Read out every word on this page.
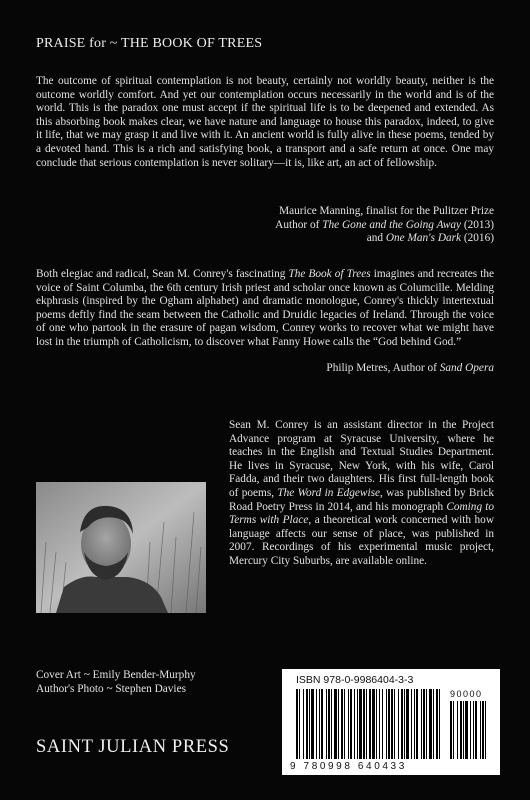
PRAISE for ~ THE BOOK OF TREES

The outcome of spiritual contemplation is not beauty, certainly not worldly beauty, neither is the outcome worldly comfort. And yet our contemplation occurs necessarily in the world and is of the world. This is the paradox one must accept if the spiritual life is to be deepened and extended. As this absorbing book makes clear, we have nature and language to house this paradox, indeed, to give it life, that we may grasp it and live with it. An ancient world is fully alive in these poems, tended by a devoted hand. This is a rich and satisfying book, a transport and a safe return at once. One may conclude that serious contemplation is never solitary—it is, like art, an act of fellowship.

Maurice Manning, finalist for the Pulitzer Prize
Author of The Gone and the Going Away (2013)
and One Man's Dark (2016)

Both elegiac and radical, Sean M. Conrey's fascinating The Book of Trees imagines and recreates the voice of Saint Columba, the 6th century Irish priest and scholar once known as Columcille. Melding ekphrasis (inspired by the Ogham alphabet) and dramatic monologue, Conrey's thickly intertextual poems deftly find the seam between the Catholic and Druidic legacies of Ireland. Through the voice of one who partook in the erasure of pagan wisdom, Conrey works to recover what we might have lost in the triumph of Catholicism, to discover what Fanny Howe calls the “God behind God.”

Philip Metres, Author of Sand Opera

Sean M. Conrey is an assistant director in the Project Advance program at Syracuse University, where he teaches in the English and Textual Studies Department. He lives in Syracuse, New York, with his wife, Carol Fadda, and their two daughters. His first full-length book of poems, The Word in Edgewise, was published by Brick Road Poetry Press in 2014, and his monograph Coming to Terms with Place, a theoretical work concerned with how language affects our sense of place, was published in 2007. Recordings of his experimental music project, Mercury City Suburbs, are available online.

Cover Art ~ Emily Bender-Murphy
Author's Photo ~ Stephen Davies
SAINT JULIAN PRESS
ISBN 978-0-9986404-3-3
90000
9 780998 640433
